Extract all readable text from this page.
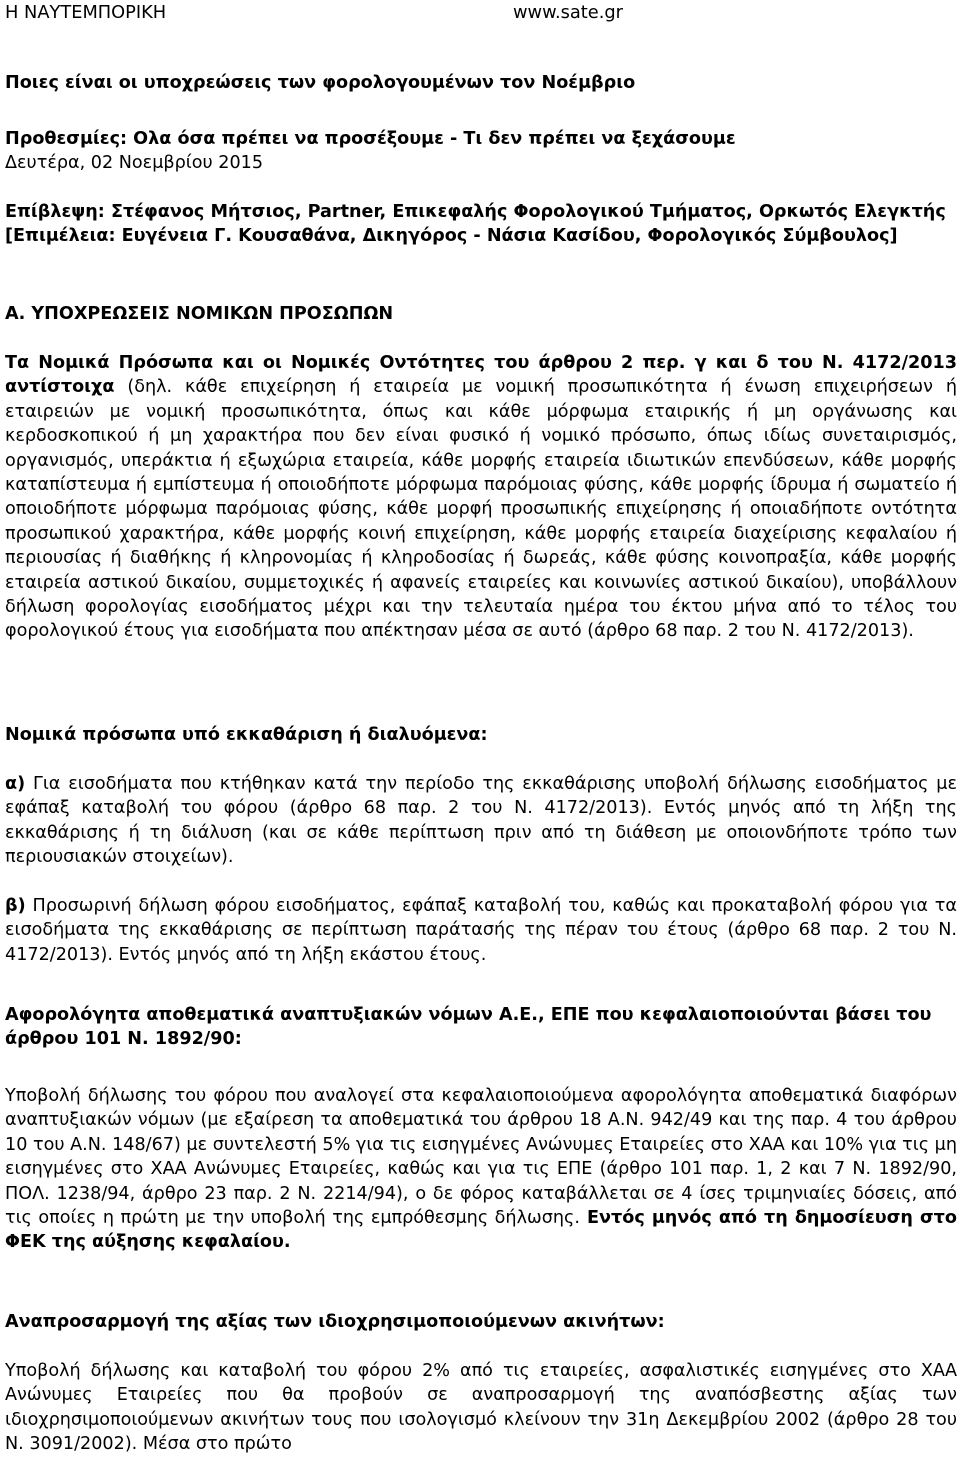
Η ΝΑΥΤΕΜΠΟΡΙΚΗ	www.sate.gr

Ποιες είναι οι υποχρεώσεις των φορολογουμένων τον Νοέμβριο

Προθεσμίες: Ολα όσα πρέπει να προσέξουμε - Τι δεν πρέπει να ξεχάσουμε

Δευτέρα, 02 Νοεμβρίου 2015

Επίβλεψη: Στέφανος Μήτσιος, Partner, Επικεφαλής Φορολογικού Τμήματος, Ορκωτός Ελεγκτής [Επιμέλεια: Ευγένεια Γ. Κουσαθάνα, Δικηγόρος - Νάσια Κασίδου, Φορολογικός Σύμβουλος]

Α. ΥΠΟΧΡΕΩΣΕΙΣ ΝΟΜΙΚΩΝ ΠΡΟΣΩΠΩΝ

Τα Νομικά Πρόσωπα και οι Νομικές Οντότητες του άρθρου 2 περ. γ και δ του Ν. 4172/2013 αντίστοιχα (δηλ. κάθε επιχείρηση ή εταιρεία με νομική προσωπικότητα ή ένωση επιχειρήσεων ή εταιρειών με νομική προσωπικότητα, όπως και κάθε μόρφωμα εταιρικής ή μη οργάνωσης και κερδοσκοπικού ή μη χαρακτήρα που δεν είναι φυσικό ή νομικό πρόσωπο, όπως ιδίως συνεταιρισμός, οργανισμός, υπεράκτια ή εξωχώρια εταιρεία, κάθε μορφής εταιρεία ιδιωτικών επενδύσεων, κάθε μορφής καταπίστευμα ή εμπίστευμα ή οποιοδήποτε μόρφωμα παρόμοιας φύσης, κάθε μορφής ίδρυμα ή σωματείο ή οποιοδήποτε μόρφωμα παρόμοιας φύσης, κάθε μορφή προσωπικής επιχείρησης ή οποιαδήποτε οντότητα προσωπικού χαρακτήρα, κάθε μορφής κοινή επιχείρηση, κάθε μορφής εταιρεία διαχείρισης κεφαλαίου ή περιουσίας ή διαθήκης ή κληρονομίας ή κληροδοσίας ή δωρεάς, κάθε φύσης κοινοπραξία, κάθε μορφής εταιρεία αστικού δικαίου, συμμετοχικές ή αφανείς εταιρείες και κοινωνίες αστικού δικαίου), υποβάλλουν δήλωση φορολογίας εισοδήματος μέχρι και την τελευταία ημέρα του έκτου μήνα από το τέλος του φορολογικού έτους για εισοδήματα που απέκτησαν μέσα σε αυτό (άρθρο 68 παρ. 2 του Ν. 4172/2013).

Νομικά πρόσωπα υπό εκκαθάριση ή διαλυόμενα:

α) Για εισοδήματα που κτήθηκαν κατά την περίοδο της εκκαθάρισης υποβολή δήλωσης εισοδήματος με εφάπαξ καταβολή του φόρου (άρθρο 68 παρ. 2 του Ν. 4172/2013). Εντός μηνός από τη λήξη της εκκαθάρισης ή τη διάλυση (και σε κάθε περίπτωση πριν από τη διάθεση με οποιονδήποτε τρόπο των περιουσιακών στοιχείων).

β) Προσωρινή δήλωση φόρου εισοδήματος, εφάπαξ καταβολή του, καθώς και προκαταβολή φόρου για τα εισοδήματα της εκκαθάρισης σε περίπτωση παράτασής της πέραν του έτους (άρθρο 68 παρ. 2 του Ν. 4172/2013). Εντός μηνός από τη λήξη εκάστου έτους.

Αφορολόγητα αποθεματικά αναπτυξιακών νόμων Α.Ε., ΕΠΕ που κεφαλαιοποιούνται βάσει του άρθρου 101 Ν. 1892/90:

Υποβολή δήλωσης του φόρου που αναλογεί στα κεφαλαιοποιούμενα αφορολόγητα αποθεματικά διαφόρων αναπτυξιακών νόμων (με εξαίρεση τα αποθεματικά του άρθρου 18 Α.Ν. 942/49 και της παρ. 4 του άρθρου 10 του Α.Ν. 148/67) με συντελεστή 5% για τις εισηγμένες Ανώνυμες Εταιρείες στο ΧΑΑ και 10% για τις μη εισηγμένες στο ΧΑΑ Ανώνυμες Εταιρείες, καθώς και για τις ΕΠΕ (άρθρο 101 παρ. 1, 2 και 7 Ν. 1892/90, ΠΟΛ. 1238/94, άρθρο 23 παρ. 2 Ν. 2214/94), ο δε φόρος καταβάλλεται σε 4 ίσες τριμηνιαίες δόσεις, από τις οποίες η πρώτη με την υποβολή της εμπρόθεσμης δήλωσης. Εντός μηνός από τη δημοσίευση στο ΦΕΚ της αύξησης κεφαλαίου.

Αναπροσαρμογή της αξίας των ιδιοχρησιμοποιούμενων ακινήτων:

Υποβολή δήλωσης και καταβολή του φόρου 2% από τις εταιρείες, ασφαλιστικές εισηγμένες στο ΧΑΑ Ανώνυμες Εταιρείες που θα προβούν σε αναπροσαρμογή της αναπόσβεστης αξίας των ιδιοχρησιμοποιούμενων ακινήτων τους που ισολογισμό κλείνουν την 31η Δεκεμβρίου 2002 (άρθρο 28 του Ν. 3091/2002). Μέσα στο πρώτο
